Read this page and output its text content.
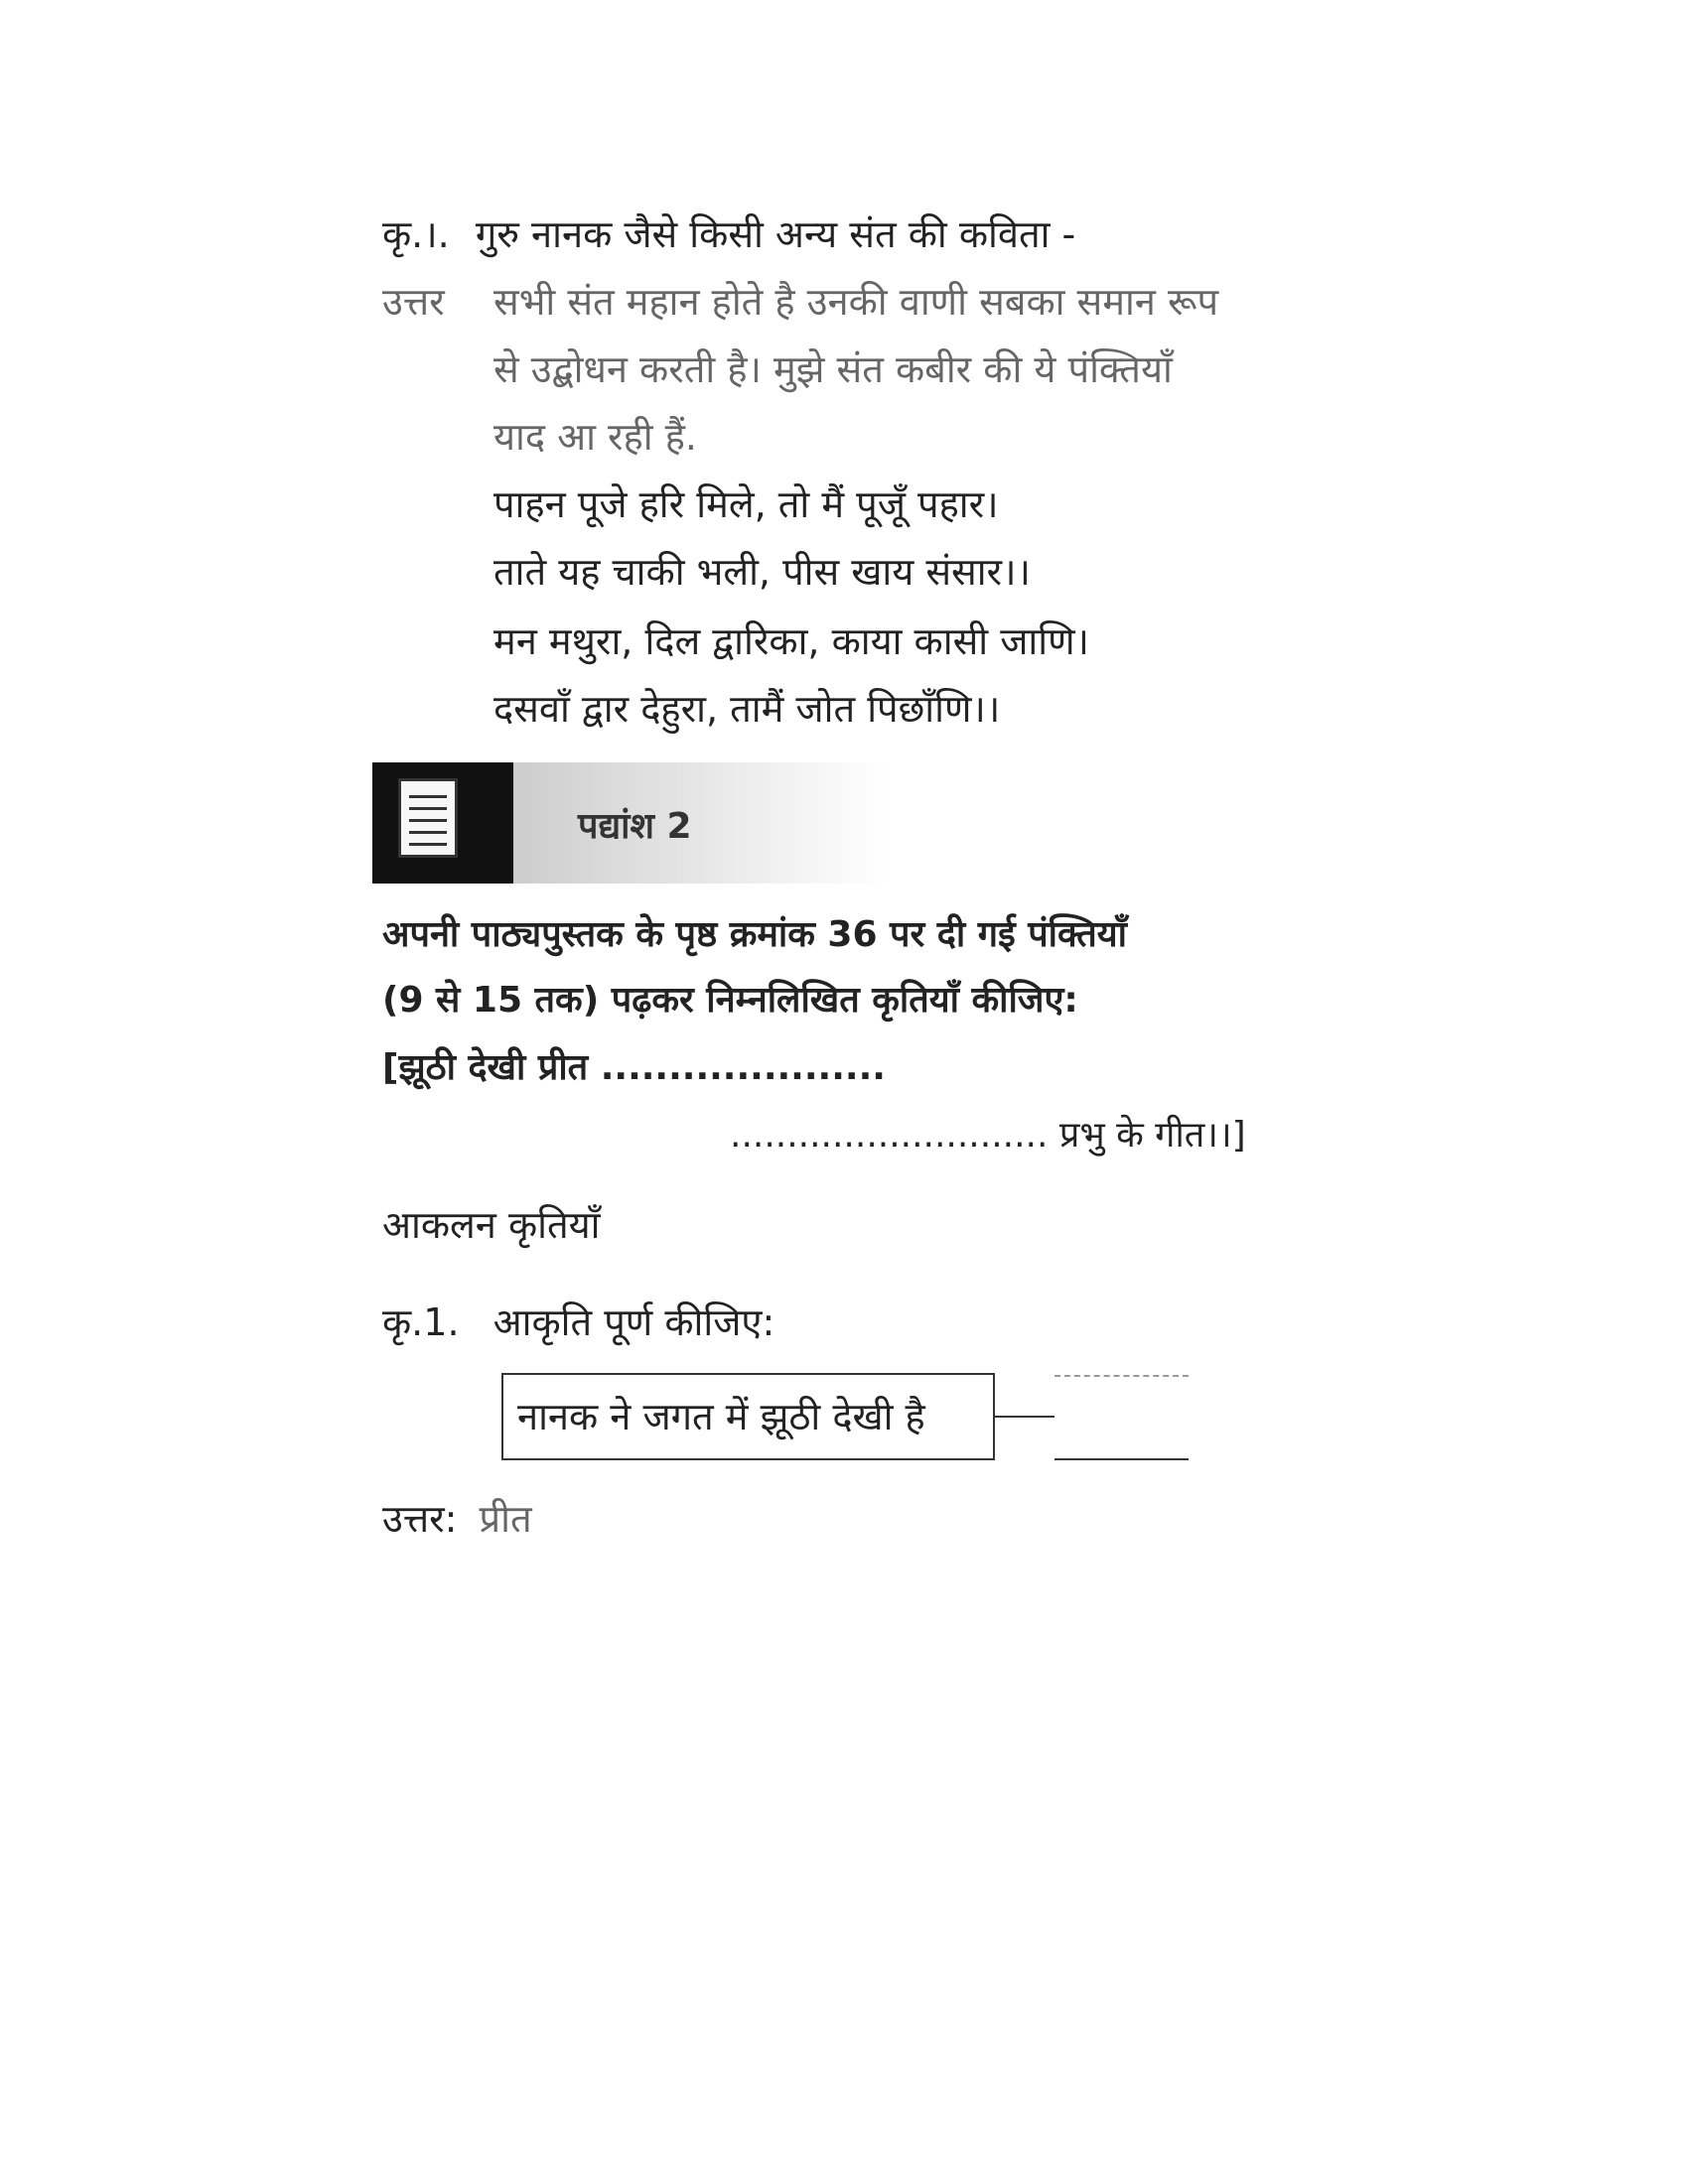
कृ.।. गुरु नानक जैसे किसी अन्य संत की कविता -
उत्तर सभी संत महान होते है उनकी वाणी सबका समान रूप
से उद्बोधन करती है। मुझे संत कबीर की ये पंक्तियाँ
याद आ रही हैं.
पाहन पूजे हरि मिले, तो मैं पूजूँ पहार।
ताते यह चाकी भली, पीस खाय संसार।।
मन मथुरा, दिल द्वारिका, काया कासी जाणि।
दसवाँ द्वार देहुरा, तामैं जोत पिछाँणि।।
पद्यांश 2
अपनी पाठ्यपुस्तक के पृष्ठ क्रमांक 36 पर दी गई पंक्तियाँ
(9 से 15 तक) पढ़कर निम्नलिखित कृतियाँ कीजिए:
[झूठी देखी प्रीत .....................
............................ प्रभु के गीत।।]
आकलन कृतियाँ
कृ.1. आकृति पूर्ण कीजिए:
नानक ने जगत में झूठी देखी है
उत्तर: प्रीत
